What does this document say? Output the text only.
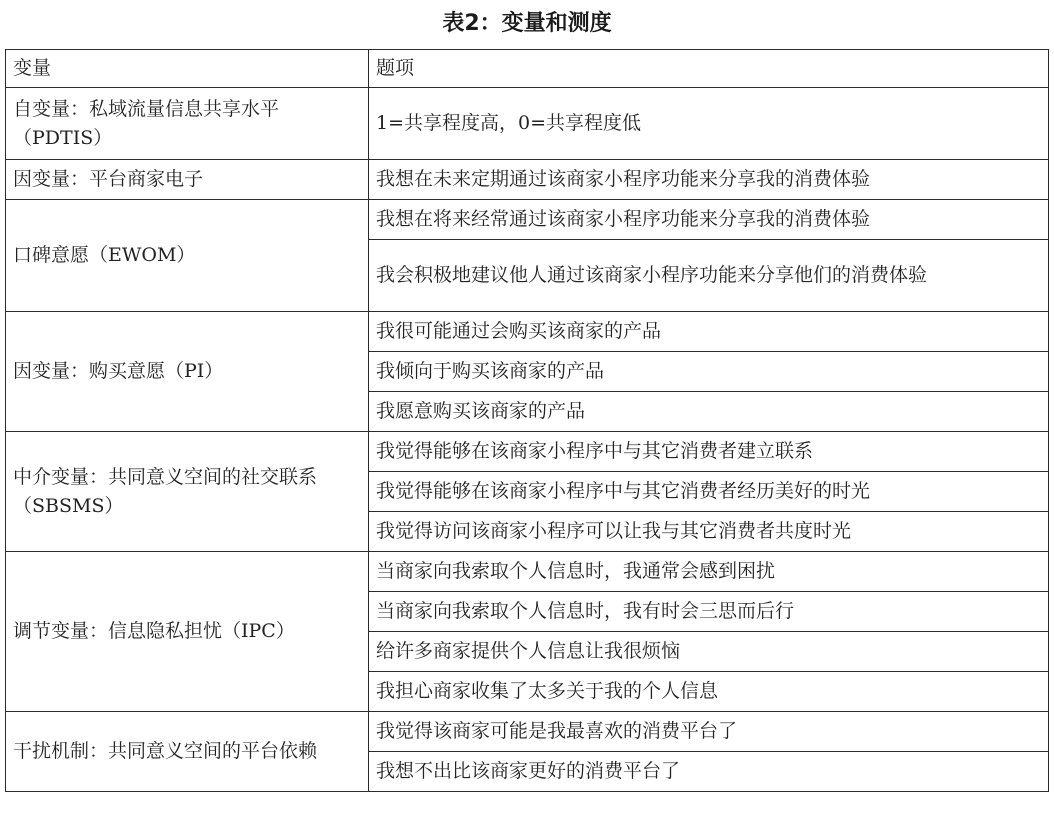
表2：变量和测度
变量	题项
自变量：私域流量信息共享水平（PDTIS）	1=共享程度高，0=共享程度低
因变量：平台商家电子	我想在未来定期通过该商家小程序功能来分享我的消费体验
口碑意愿（EWOM）	我想在将来经常通过该商家小程序功能来分享我的消费体验
	我会积极地建议他人通过该商家小程序功能来分享他们的消费体验
因变量：购买意愿（PI）	我很可能通过会购买该商家的产品
	我倾向于购买该商家的产品
	我愿意购买该商家的产品
中介变量：共同意义空间的社交联系（SBSMS）	我觉得能够在该商家小程序中与其它消费者建立联系
	我觉得能够在该商家小程序中与其它消费者经历美好的时光
	我觉得访问该商家小程序可以让我与其它消费者共度时光
调节变量：信息隐私担忧（IPC）	当商家向我索取个人信息时，我通常会感到困扰
	当商家向我索取个人信息时，我有时会三思而后行
	给许多商家提供个人信息让我很烦恼
	我担心商家收集了太多关于我的个人信息
干扰机制：共同意义空间的平台依赖	我觉得该商家可能是我最喜欢的消费平台了
	我想不出比该商家更好的消费平台了
